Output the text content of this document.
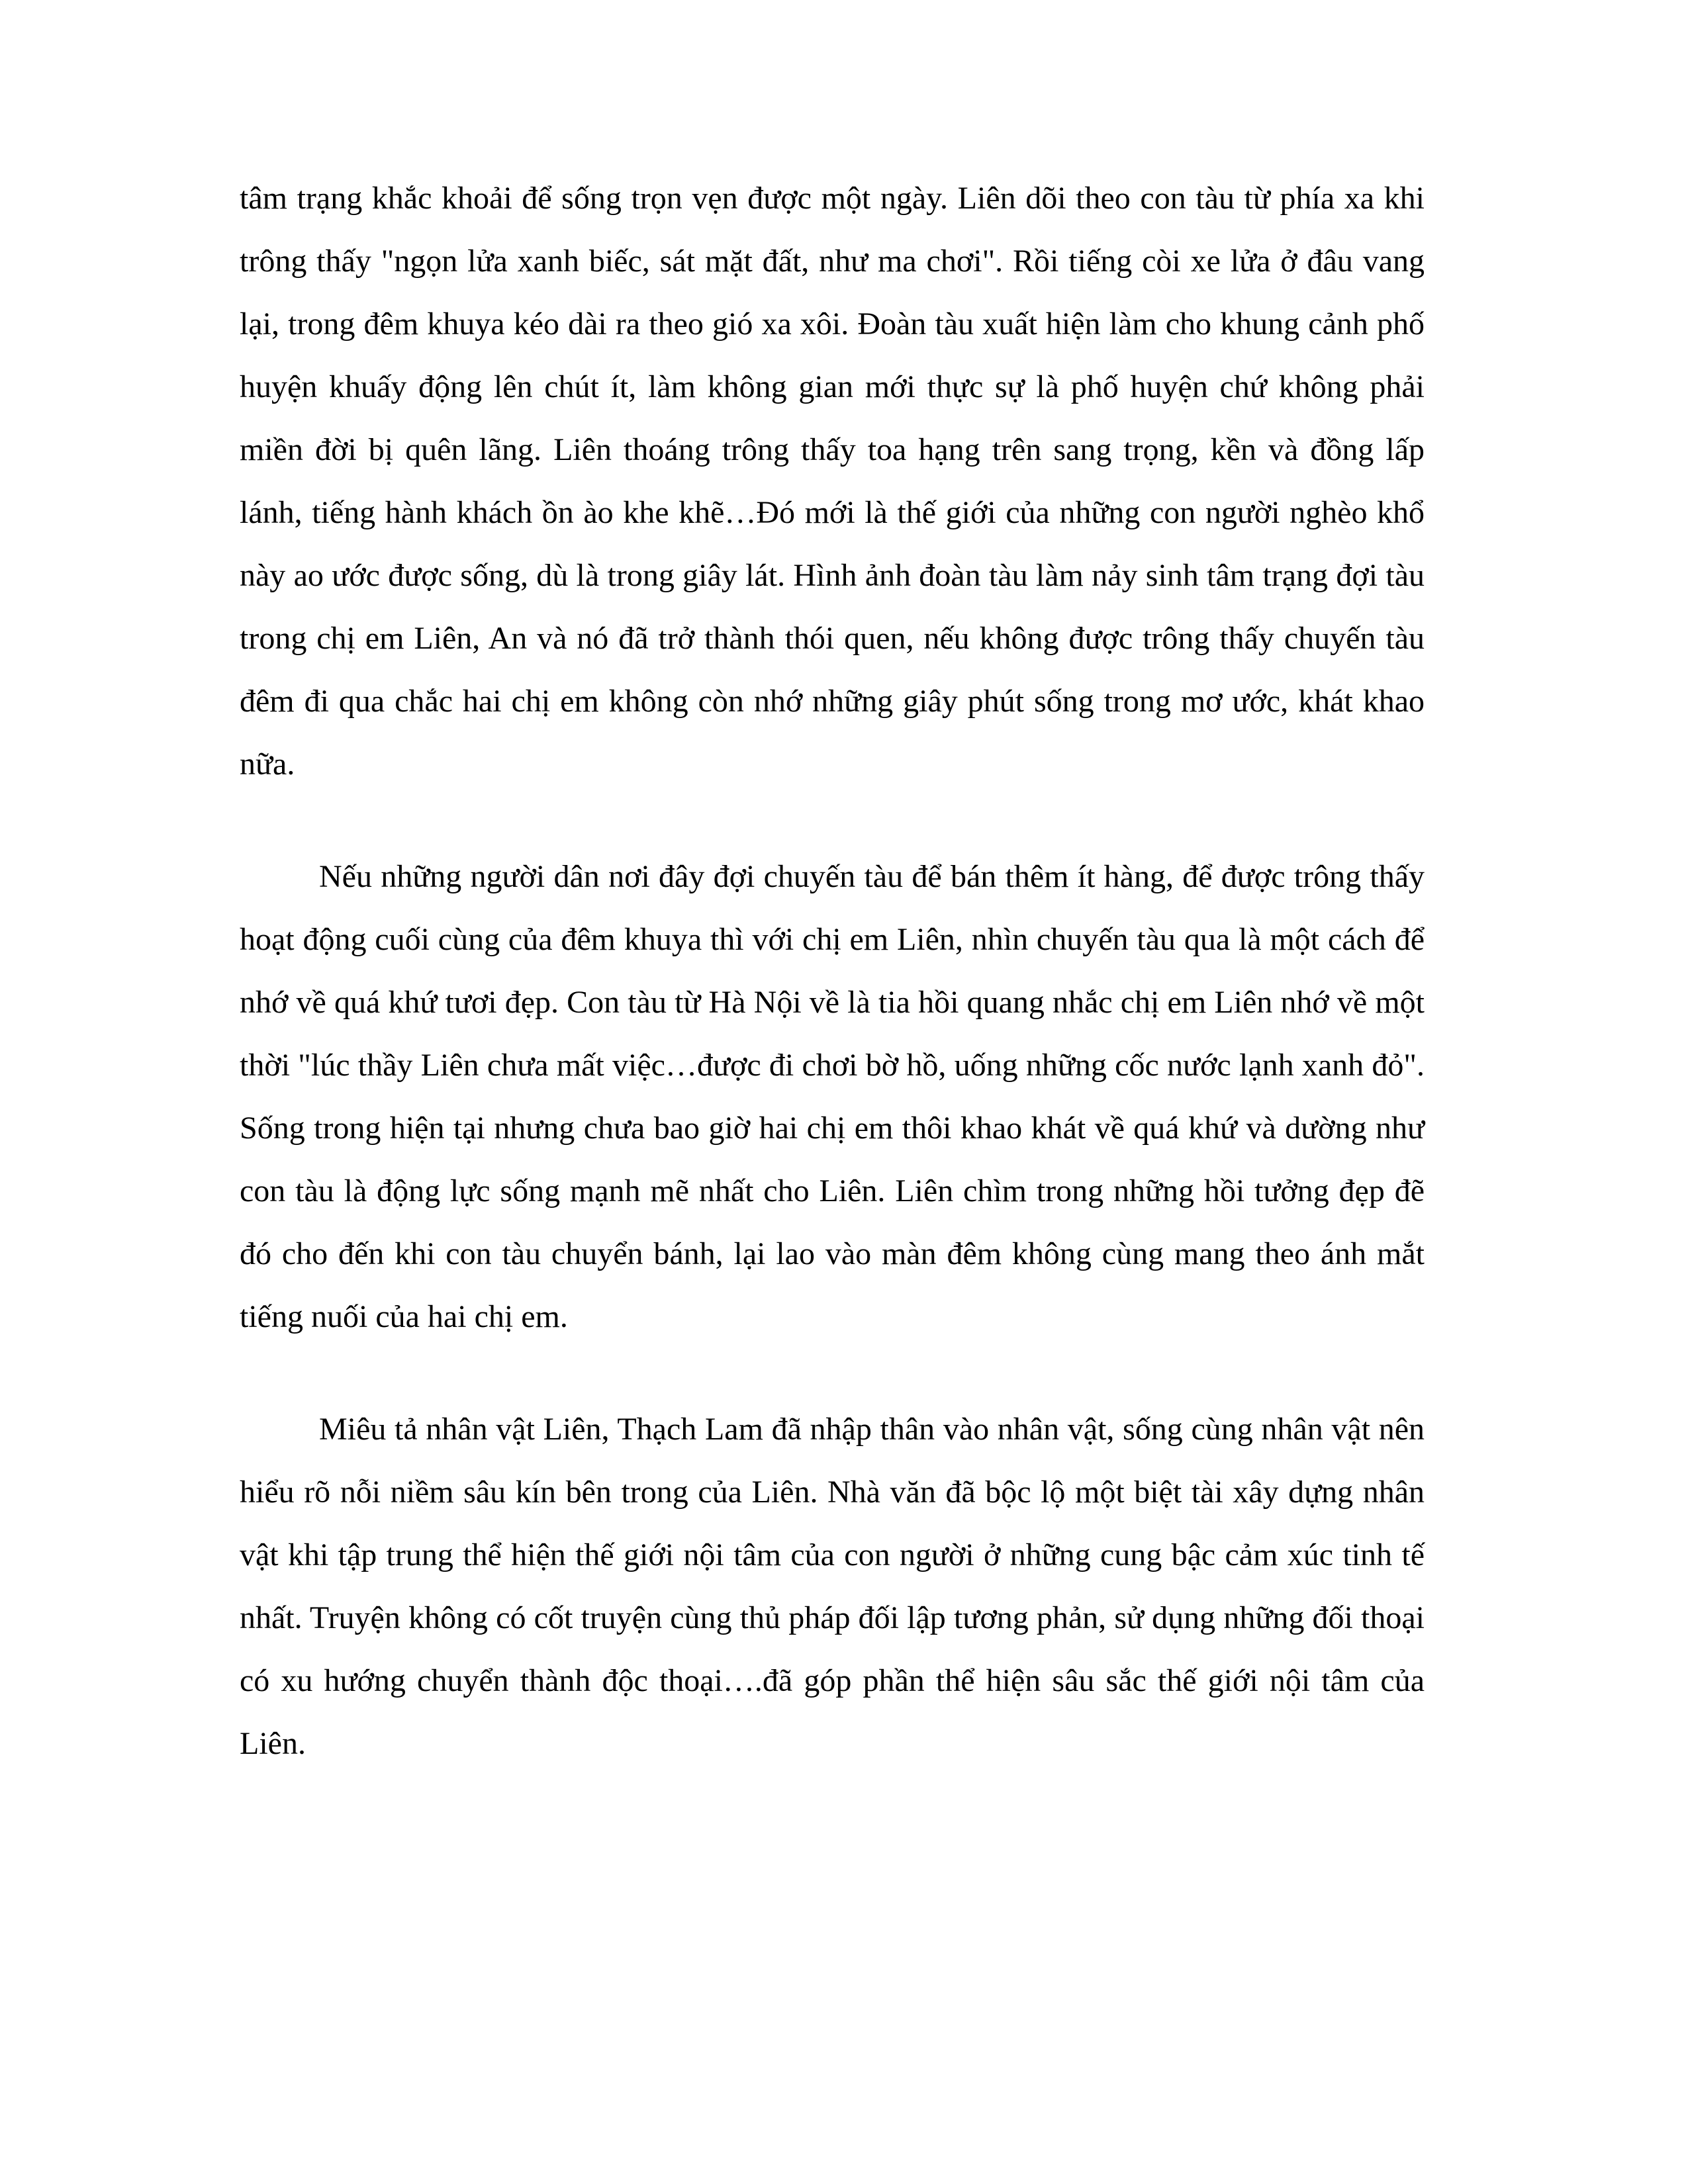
tâm trạng khắc khoải để sống trọn vẹn được một ngày. Liên dõi theo con tàu từ phía xa khi trông thấy "ngọn lửa xanh biếc, sát mặt đất, như ma chơi". Rồi tiếng còi xe lửa ở đâu vang lại, trong đêm khuya kéo dài ra theo gió xa xôi. Đoàn tàu xuất hiện làm cho khung cảnh phố huyện khuấy động lên chút ít, làm không gian mới thực sự là phố huyện chứ không phải miền đời bị quên lãng. Liên thoáng trông thấy toa hạng trên sang trọng, kền và đồng lấp lánh, tiếng hành khách ồn ào khe khẽ…Đó mới là thế giới của những con người nghèo khổ này ao ước được sống, dù là trong giây lát. Hình ảnh đoàn tàu làm nảy sinh tâm trạng đợi tàu trong chị em Liên, An và nó đã trở thành thói quen, nếu không được trông thấy chuyến tàu đêm đi qua chắc hai chị em không còn nhớ những giây phút sống trong mơ ước, khát khao nữa.

Nếu những người dân nơi đây đợi chuyến tàu để bán thêm ít hàng, để được trông thấy hoạt động cuối cùng của đêm khuya thì với chị em Liên, nhìn chuyến tàu qua là một cách để nhớ về quá khứ tươi đẹp. Con tàu từ Hà Nội về là tia hồi quang nhắc chị em Liên nhớ về một thời "lúc thầy Liên chưa mất việc…được đi chơi bờ hồ, uống những cốc nước lạnh xanh đỏ". Sống trong hiện tại nhưng chưa bao giờ hai chị em thôi khao khát về quá khứ và dường như con tàu là động lực sống mạnh mẽ nhất cho Liên. Liên chìm trong những hồi tưởng đẹp đẽ đó cho đến khi con tàu chuyển bánh, lại lao vào màn đêm không cùng mang theo ánh mắt tiếng nuối của hai chị em.

Miêu tả nhân vật Liên, Thạch Lam đã nhập thân vào nhân vật, sống cùng nhân vật nên hiểu rõ nỗi niềm sâu kín bên trong của Liên. Nhà văn đã bộc lộ một biệt tài xây dựng nhân vật khi tập trung thể hiện thế giới nội tâm của con người ở những cung bậc cảm xúc tinh tế nhất. Truyện không có cốt truyện cùng thủ pháp đối lập tương phản, sử dụng những đối thoại có xu hướng chuyển thành độc thoại….đã góp phần thể hiện sâu sắc thế giới nội tâm của Liên.
